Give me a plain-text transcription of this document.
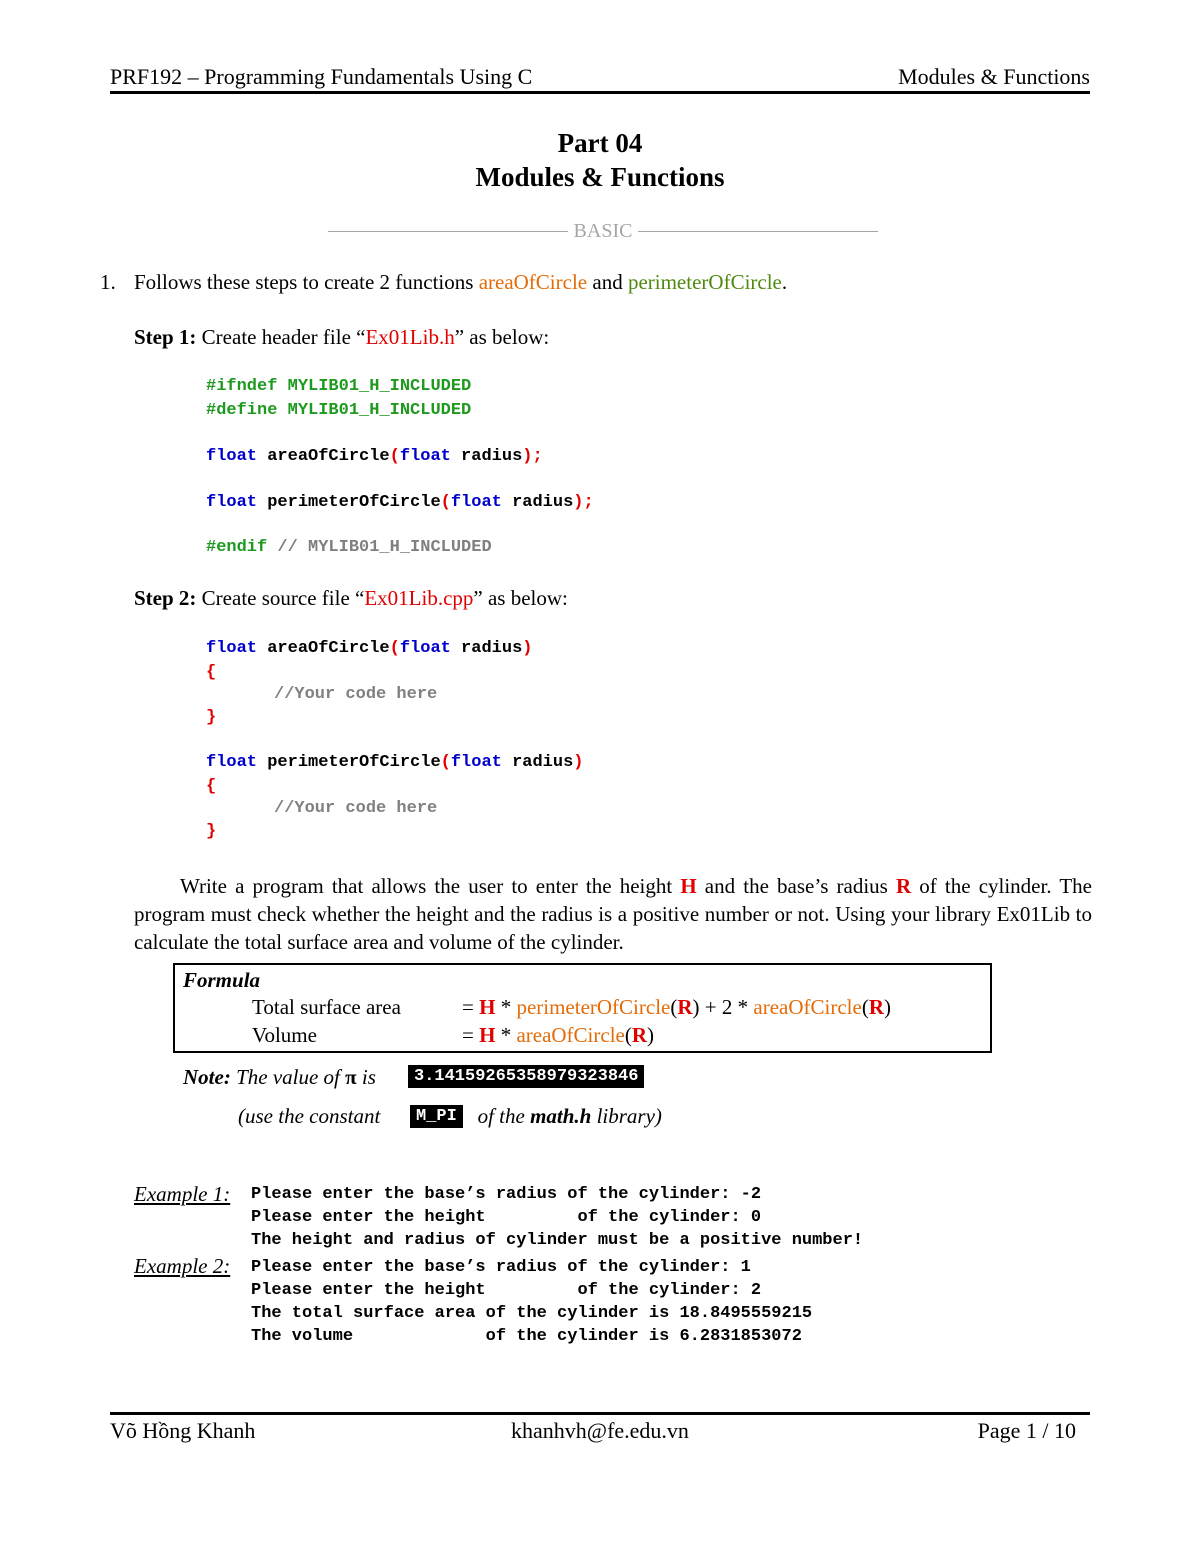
PRF192 – Programming Fundamentals Using C	Modules & Functions
Part 04
Modules & Functions
BASIC
1. Follows these steps to create 2 functions areaOfCircle and perimeterOfCircle.
Step 1: Create header file “Ex01Lib.h” as below:
#ifndef MYLIB01_H_INCLUDED
#define MYLIB01_H_INCLUDED
float areaOfCircle(float radius);
float perimeterOfCircle(float radius);
#endif // MYLIB01_H_INCLUDED
Step 2: Create source file “Ex01Lib.cpp” as below:
float areaOfCircle(float radius)
{
//Your code here
}
float perimeterOfCircle(float radius)
{
//Your code here
}
Write a program that allows the user to enter the height H and the base’s radius R of the cylinder. The program must check whether the height and the radius is a positive number or not. Using your library Ex01Lib to calculate the total surface area and volume of the cylinder.
Formula
Total surface area	= H * perimeterOfCircle(R) + 2 * areaOfCircle(R)
Volume	= H * areaOfCircle(R)
Note: The value of π is	3.14159265358979323846
(use the constant	of the math.h library)
M_PI
Example 1: Please enter the base’s radius of the cylinder: -2
Please enter the height         of the cylinder: 0
The height and radius of cylinder must be a positive number!
Example 2: Please enter the base’s radius of the cylinder: 1
Please enter the height         of the cylinder: 2
The total surface area of the cylinder is 18.8495559215
The volume             of the cylinder is 6.2831853072
Võ Hồng Khanh	khanhvh@fe.edu.vn	Page 1 / 10
